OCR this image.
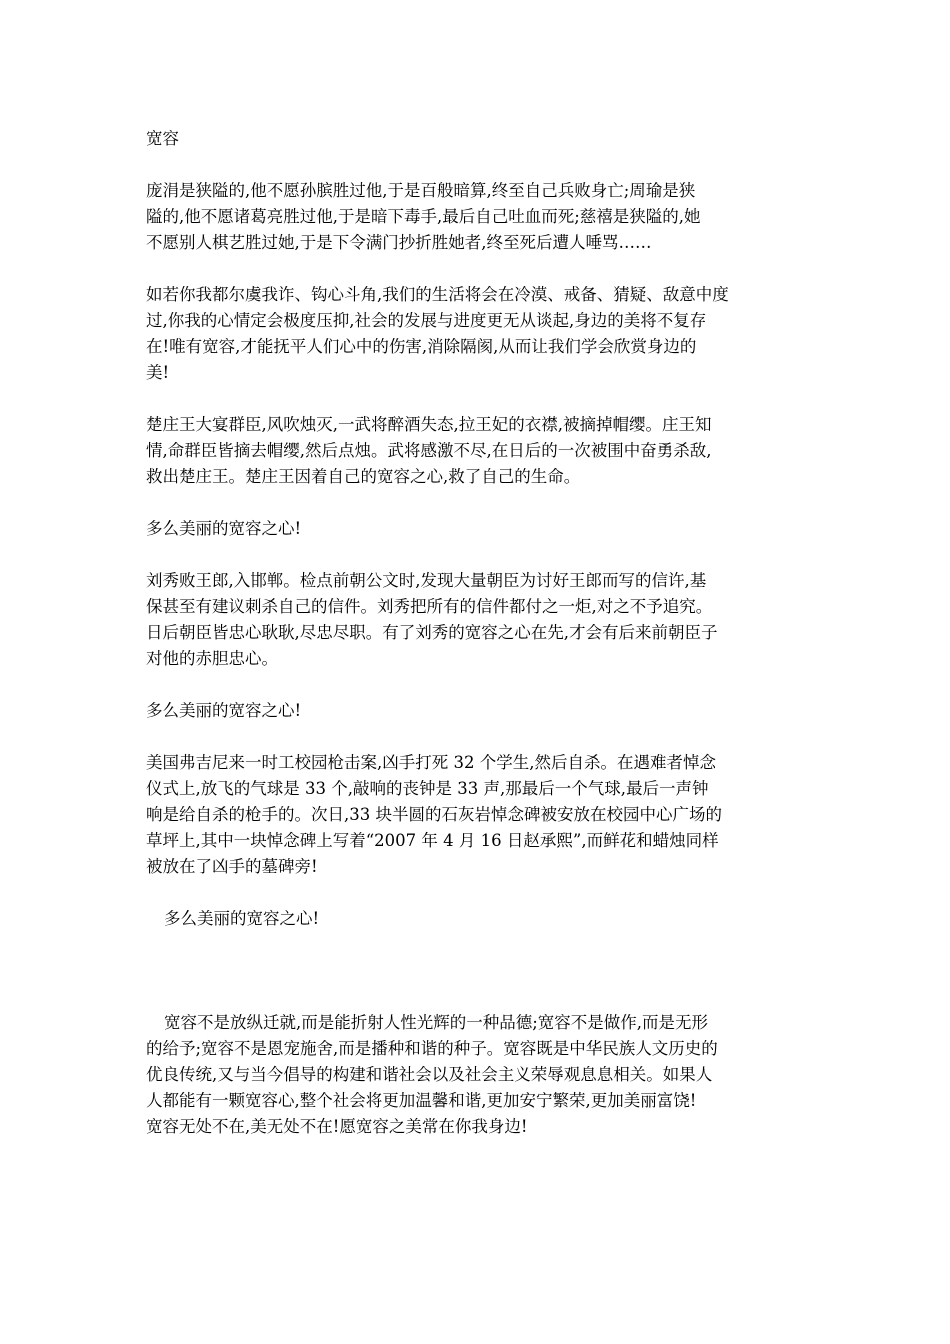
宽容
庞涓是狭隘的,他不愿孙膑胜过他,于是百般暗算,终至自己兵败身亡;周瑜是狭
隘的,他不愿诸葛亮胜过他,于是暗下毒手,最后自己吐血而死;慈禧是狭隘的,她
不愿别人棋艺胜过她,于是下令满门抄折胜她者,终至死后遭人唾骂……
如若你我都尔虞我诈、钩心斗角,我们的生活将会在冷漠、戒备、猜疑、敌意中度
过,你我的心情定会极度压抑,社会的发展与进度更无从谈起,身边的美将不复存
在!唯有宽容,才能抚平人们心中的伤害,消除隔阂,从而让我们学会欣赏身边的
美!
楚庄王大宴群臣,风吹烛灭,一武将醉酒失态,拉王妃的衣襟,被摘掉帽缨。庄王知
情,命群臣皆摘去帽缨,然后点烛。武将感激不尽,在日后的一次被围中奋勇杀敌,
救出楚庄王。楚庄王因着自己的宽容之心,救了自己的生命。
多么美丽的宽容之心!
刘秀败王郎,入邯郸。检点前朝公文时,发现大量朝臣为讨好王郎而写的信许,基
保甚至有建议刺杀自己的信件。刘秀把所有的信件都付之一炬,对之不予追究。
日后朝臣皆忠心耿耿,尽忠尽职。有了刘秀的宽容之心在先,才会有后来前朝臣子
对他的赤胆忠心。
多么美丽的宽容之心!
美国弗吉尼来一时工校园枪击案,凶手打死 32 个学生,然后自杀。在遇难者悼念
仪式上,放飞的气球是 33 个,敲响的丧钟是 33 声,那最后一个气球,最后一声钟
响是给自杀的枪手的。次日,33 块半圆的石灰岩悼念碑被安放在校园中心广场的
草坪上,其中一块悼念碑上写着“2007 年 4 月 16 日赵承熙”,而鲜花和蜡烛同样
被放在了凶手的墓碑旁!
多么美丽的宽容之心!
宽容不是放纵迁就,而是能折射人性光辉的一种品德;宽容不是做作,而是无形
的给予;宽容不是恩宠施舍,而是播种和谐的种子。宽容既是中华民族人文历史的
优良传统,又与当今倡导的构建和谐社会以及社会主义荣辱观息息相关。如果人
人都能有一颗宽容心,整个社会将更加温馨和谐,更加安宁繁荣,更加美丽富饶!
宽容无处不在,美无处不在!愿宽容之美常在你我身边!
